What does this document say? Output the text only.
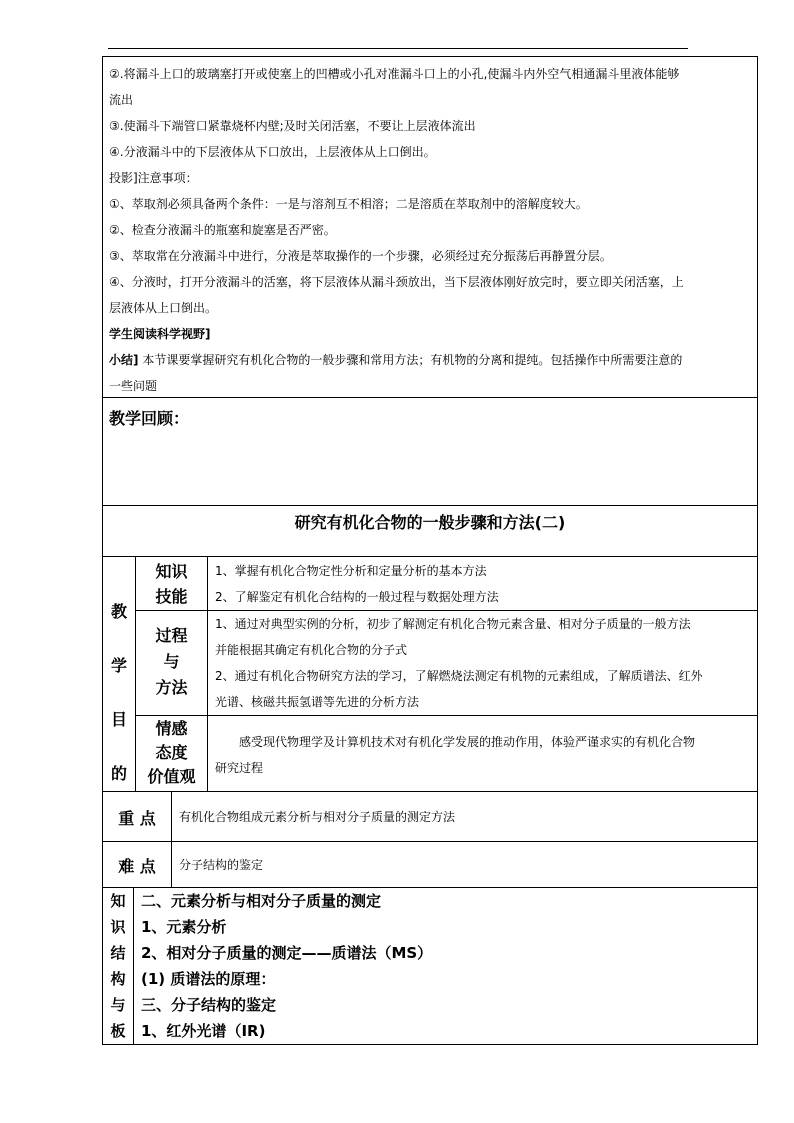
②.将漏斗上口的玻璃塞打开或使塞上的凹槽或小孔对准漏斗口上的小孔,使漏斗内外空气相通漏斗里液体能够
流出
③.使漏斗下端管口紧靠烧杯内壁;及时关闭活塞，不要让上层液体流出
④.分液漏斗中的下层液体从下口放出，上层液体从上口倒出。
投影]注意事项：
①、萃取剂必须具备两个条件：一是与溶剂互不相溶；二是溶质在萃取剂中的溶解度较大。
②、检查分液漏斗的瓶塞和旋塞是否严密。
③、萃取常在分液漏斗中进行，分液是萃取操作的一个步骤，必须经过充分振荡后再静置分层。
④、分液时，打开分液漏斗的活塞，将下层液体从漏斗颈放出，当下层液体刚好放完时，要立即关闭活塞，上
层液体从上口倒出。
学生阅读科学视野]
小结] 本节课要掌握研究有机化合物的一般步骤和常用方法；有机物的分离和提纯。包括操作中所需要注意的
一些问题
教学回顾：
研究有机化合物的一般步骤和方法(二)
教
学
目
的
知识
技能
1、掌握有机化合物定性分析和定量分析的基本方法
2、了解鉴定有机化合结构的一般过程与数据处理方法
过程
与
方法
1、通过对典型实例的分析，初步了解测定有机化合物元素含量、相对分子质量的一般方法
并能根据其确定有机化合物的分子式
2、通过有机化合物研究方法的学习，了解燃烧法测定有机物的元素组成，了解质谱法、红外
光谱、核磁共振氢谱等先进的分析方法
情感
态度
价值观
感受现代物理学及计算机技术对有机化学发展的推动作用，体验严谨求实的有机化合物
研究过程
重 点	有机化合物组成元素分析与相对分子质量的测定方法
难 点	分子结构的鉴定
知
识
结
构
与
板
二、元素分析与相对分子质量的测定
1、元素分析
2、相对分子质量的测定——质谱法（MS）
(1) 质谱法的原理：
三、分子结构的鉴定
1、红外光谱（IR)
